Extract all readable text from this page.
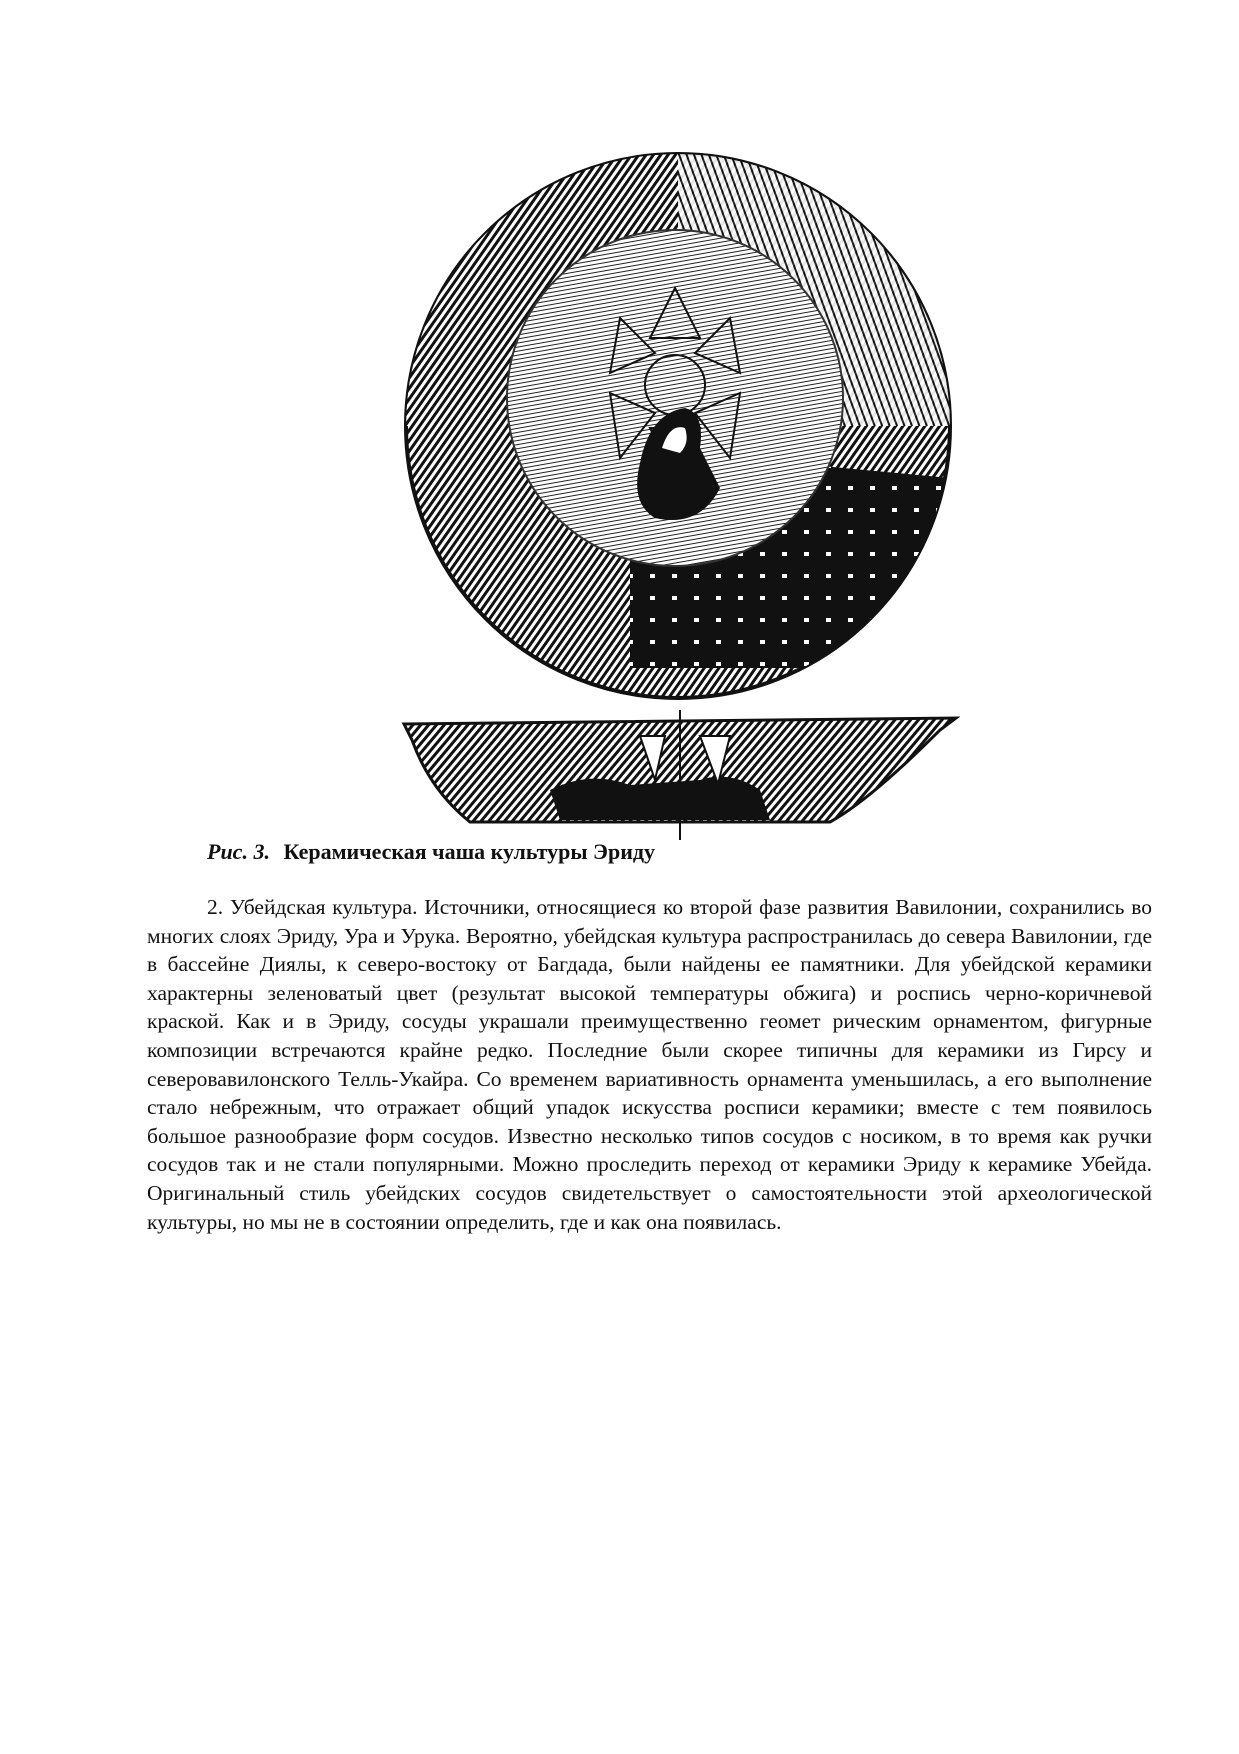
Рис. 3. Керамическая чаша культуры Эриду

2. Убейдская культура. Источники, относящиеся ко второй фазе развития Вавилонии, сохранились во многих слоях Эриду, Ура и Урука. Вероятно, убейдская культура распространилась до севера Вавилонии, где в бассейне Диялы, к северо-востоку от Багдада, были найдены ее памятники. Для убейдской керамики характерны зеленоватый цвет (результат высокой температуры обжига) и роспись черно-коричневой краской. Как и в Эриду, сосуды украшали преимущественно геомет рическим орнаментом, фигурные композиции встречаются крайне редко. Последние были скорее типичны для керамики из Гирсу и северовавилонского Телль-Укайра. Со временем вариативность орнамента уменьшилась, а его выполнение стало небрежным, что отражает общий упадок искусства росписи керамики; вместе с тем появилось большое разнообразие форм сосудов. Известно несколько типов сосудов с носиком, в то время как ручки сосудов так и не стали популярными. Можно проследить переход от керамики Эриду к керамике Убейда. Оригинальный стиль убейдских сосудов свидетельствует о самостоятельности этой археологической культуры, но мы не в состоянии определить, где и как она появилась.
